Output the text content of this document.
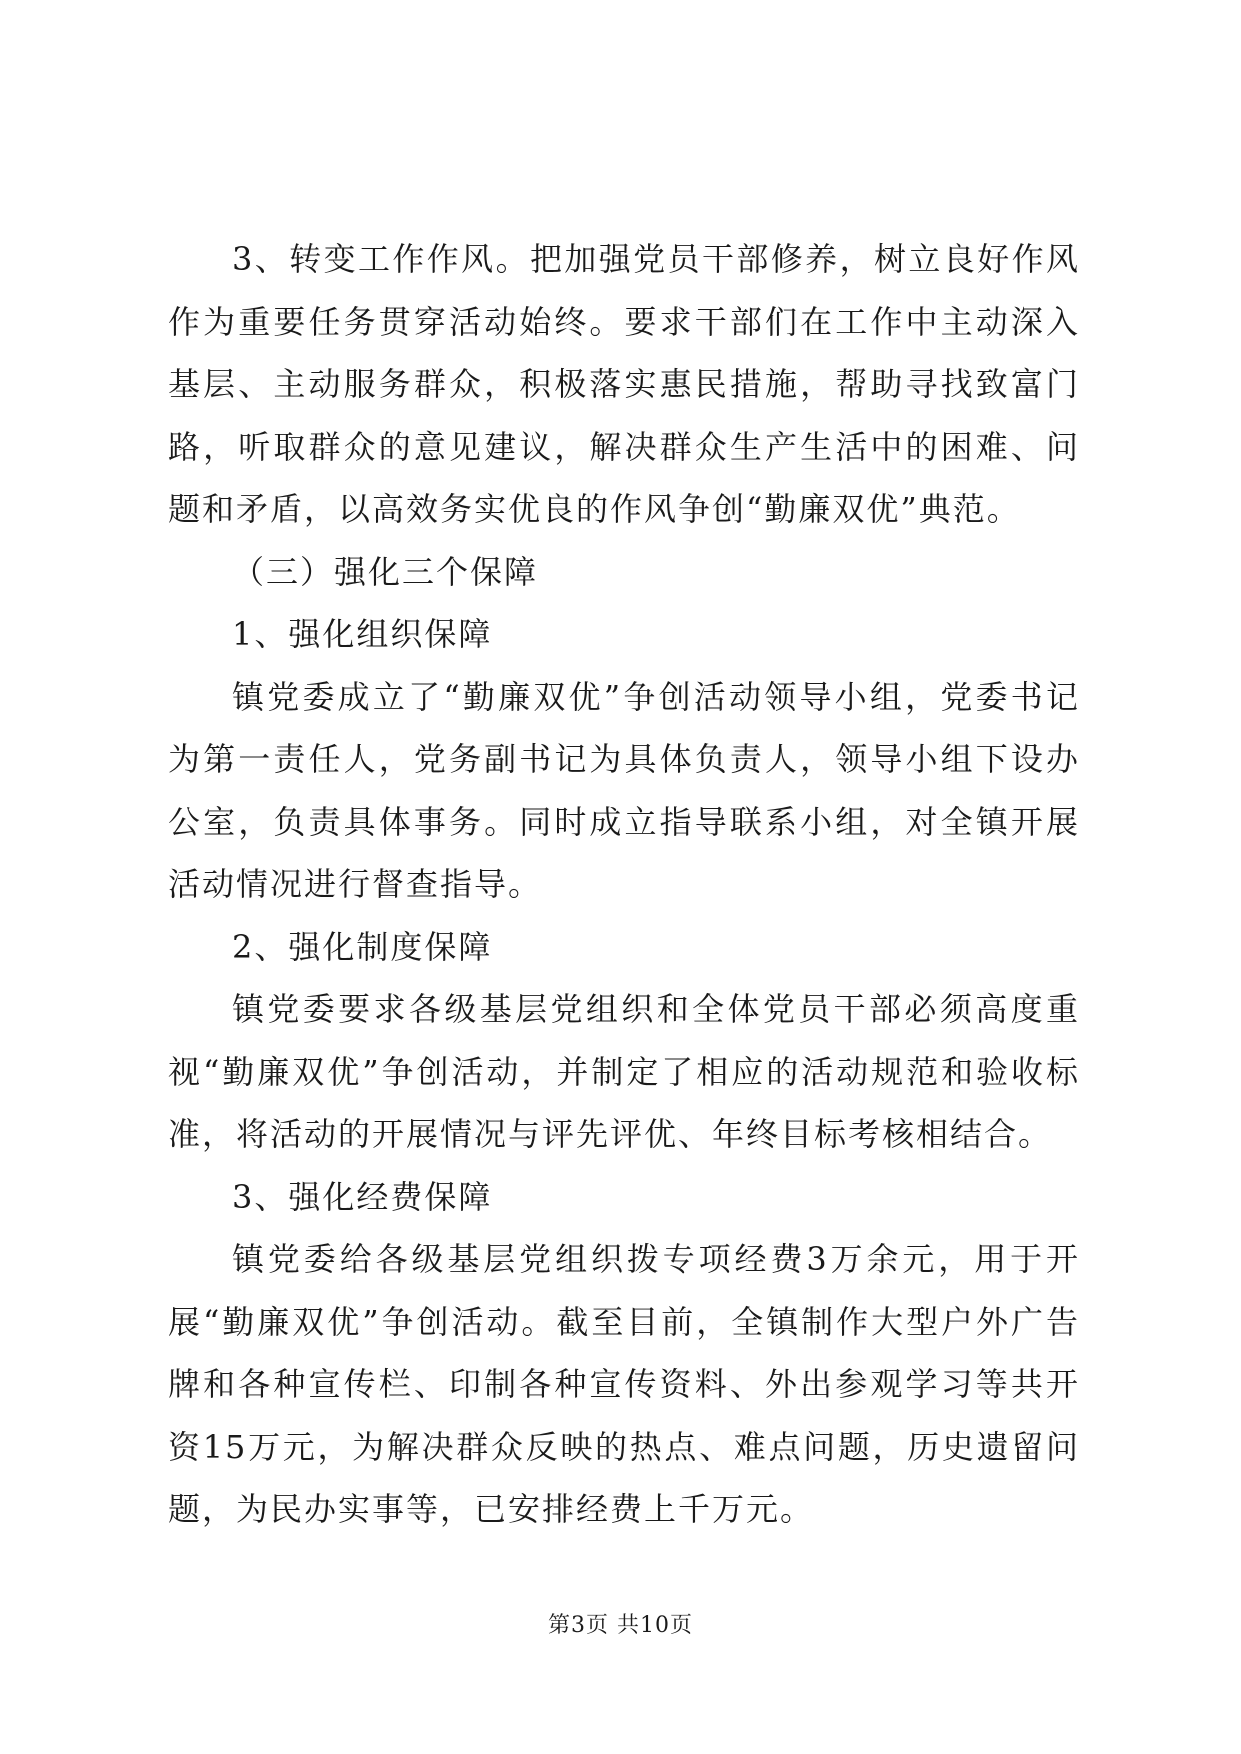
3、转变工作作风。把加强党员干部修养，树立良好作风作为重要任务贯穿活动始终。要求干部们在工作中主动深入基层、主动服务群众，积极落实惠民措施，帮助寻找致富门路，听取群众的意见建议，解决群众生产生活中的困难、问题和矛盾，以高效务实优良的作风争创“勤廉双优”典范。

（三）强化三个保障

1、强化组织保障

镇党委成立了“勤廉双优”争创活动领导小组，党委书记为第一责任人，党务副书记为具体负责人，领导小组下设办公室，负责具体事务。同时成立指导联系小组，对全镇开展活动情况进行督查指导。

2、强化制度保障

镇党委要求各级基层党组织和全体党员干部必须高度重视“勤廉双优”争创活动，并制定了相应的活动规范和验收标准，将活动的开展情况与评先评优、年终目标考核相结合。

3、强化经费保障

镇党委给各级基层党组织拨专项经费3万余元，用于开展“勤廉双优”争创活动。截至目前，全镇制作大型户外广告牌和各种宣传栏、印制各种宣传资料、外出参观学习等共开资15万元，为解决群众反映的热点、难点问题，历史遗留问题，为民办实事等，已安排经费上千万元。

第3页 共10页
